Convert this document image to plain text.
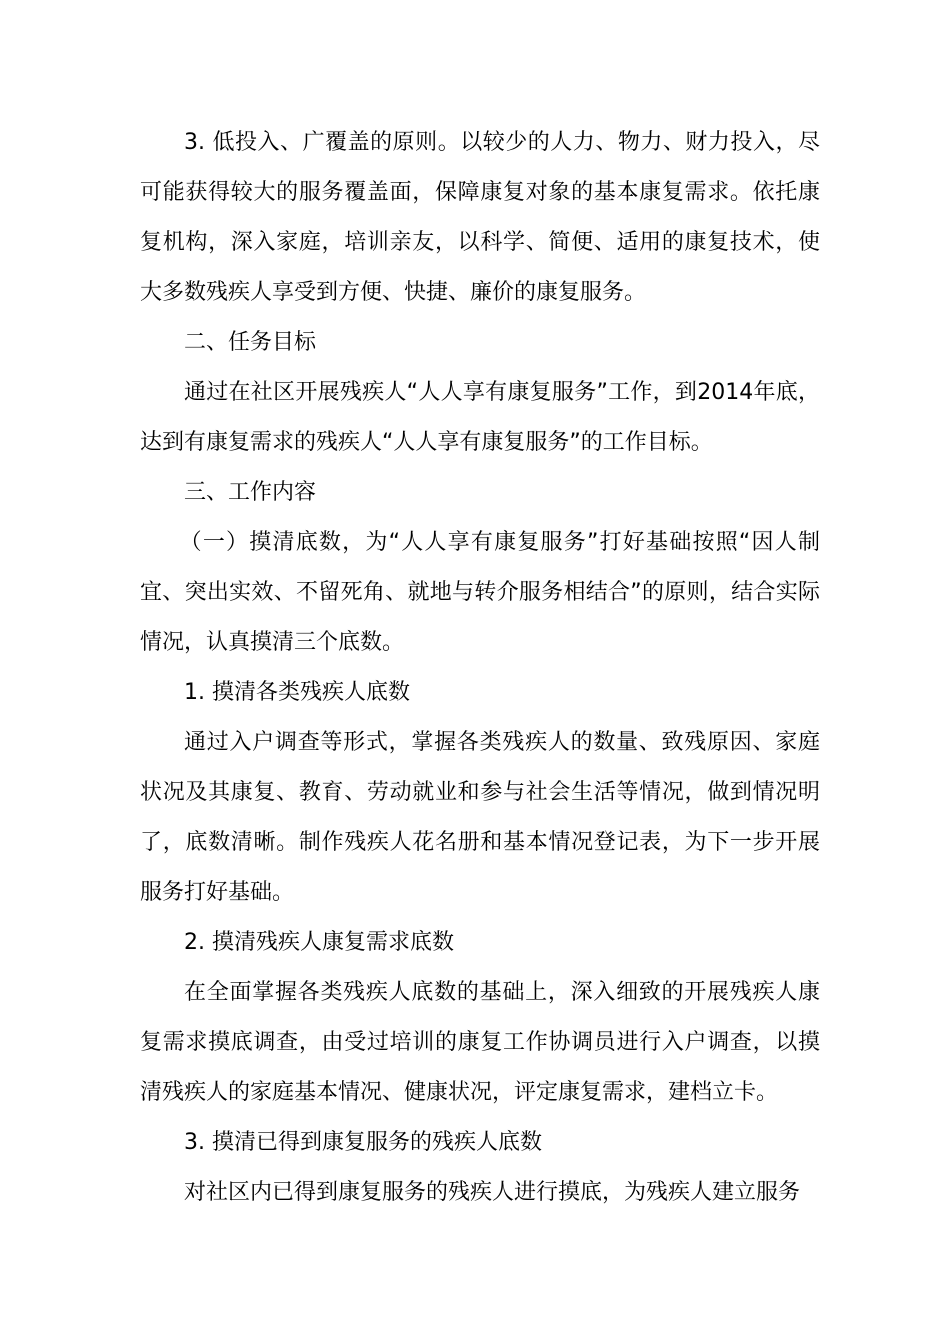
3. 低投入、广覆盖的原则。以较少的人力、物力、财力投入，尽可能获得较大的服务覆盖面，保障康复对象的基本康复需求。依托康复机构，深入家庭，培训亲友，以科学、简便、适用的康复技术，使大多数残疾人享受到方便、快捷、廉价的康复服务。

二、任务目标

通过在社区开展残疾人“人人享有康复服务”工作，到2014年底，达到有康复需求的残疾人“人人享有康复服务”的工作目标。

三、工作内容

（一）摸清底数，为“人人享有康复服务”打好基础按照“因人制宜、突出实效、不留死角、就地与转介服务相结合”的原则，结合实际情况，认真摸清三个底数。

1. 摸清各类残疾人底数

通过入户调查等形式，掌握各类残疾人的数量、致残原因、家庭状况及其康复、教育、劳动就业和参与社会生活等情况，做到情况明了，底数清晰。制作残疾人花名册和基本情况登记表，为下一步开展服务打好基础。

2. 摸清残疾人康复需求底数

在全面掌握各类残疾人底数的基础上，深入细致的开展残疾人康复需求摸底调查，由受过培训的康复工作协调员进行入户调查，以摸清残疾人的家庭基本情况、健康状况，评定康复需求，建档立卡。

3. 摸清已得到康复服务的残疾人底数

对社区内已得到康复服务的残疾人进行摸底，为残疾人建立服务
